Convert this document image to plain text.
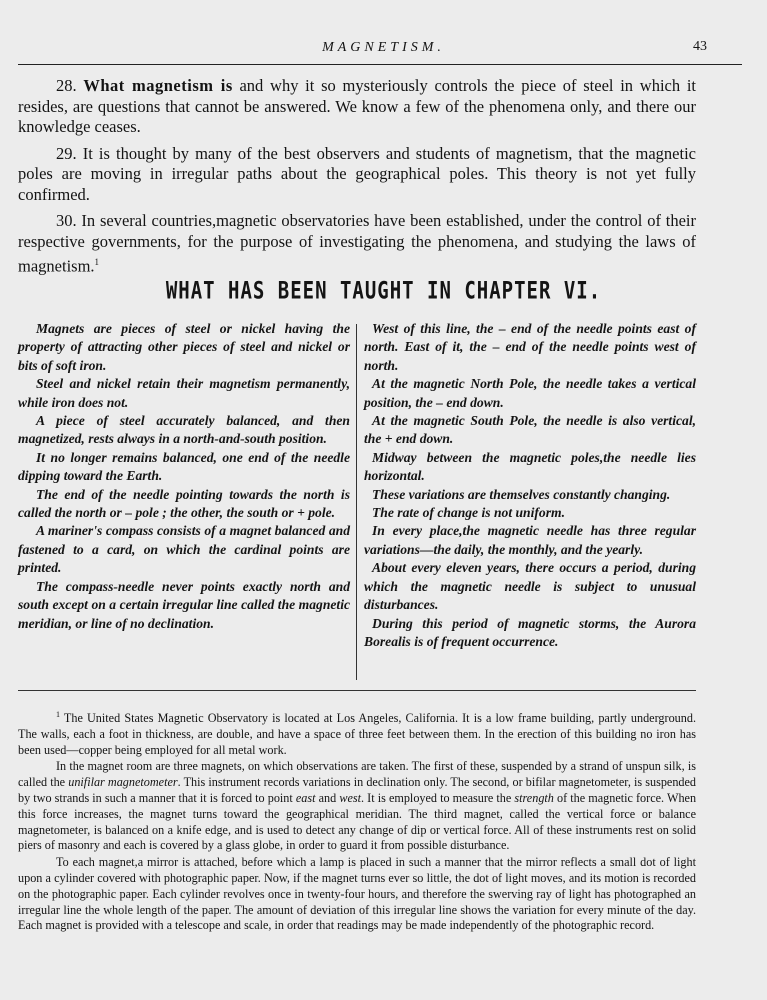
MAGNETISM.	43

28. What magnetism is and why it so mysteriously controls the piece of steel in which it resides, are questions that cannot be answered. We know a few of the phenomena only, and there our knowledge ceases.

29. It is thought by many of the best observers and students of magnetism, that the magnetic poles are moving in irregular paths about the geographical poles. This theory is not yet fully confirmed.

30. In several countries,magnetic observatories have been established, under the control of their respective governments, for the purpose of investigating the phenomena, and studying the laws of magnetism.$^1$

WHAT HAS BEEN TAUGHT IN CHAPTER VI.

Magnets are pieces of steel or nickel having the property of attracting other pieces of steel and nickel or bits of soft iron.

Steel and nickel retain their magnetism permanently, while iron does not.

A piece of steel accurately balanced, and then magnetized, rests always in a north-and-south position.

It no longer remains balanced, one end of the needle dipping toward the Earth.

The end of the needle pointing towards the north is called the north or – pole ; the other, the south or + pole.

A mariner's compass consists of a magnet balanced and fastened to a card, on which the cardinal points are printed.

The compass-needle never points exactly north and south except on a certain irregular line called the magnetic meridian, or line of no declination.

West of this line, the – end of the needle points east of north. East of it, the – end of the needle points west of north.

At the magnetic North Pole, the needle takes a vertical position, the – end down.

At the magnetic South Pole, the needle is also vertical, the + end down.

Midway between the magnetic poles,the needle lies horizontal.

These variations are themselves constantly changing.

The rate of change is not uniform.

In every place,the magnetic needle has three regular variations—the daily, the monthly, and the yearly.

About every eleven years, there occurs a period, during which the magnetic needle is subject to unusual disturbances.

During this period of magnetic storms, the Aurora Borealis is of frequent occurrence.

$^1$ The United States Magnetic Observatory is located at Los Angeles, California. It is a low frame building, partly underground. The walls, each a foot in thickness, are double, and have a space of three feet between them. In the erection of this building no iron has been used—copper being employed for all metal work.

In the magnet room are three magnets, on which observations are taken. The first of these, suspended by a strand of unspun silk, is called the unifilar magnetometer. This instrument records variations in declination only. The second, or bifilar magnetometer, is suspended by two strands in such a manner that it is forced to point east and west. It is employed to measure the strength of the magnetic force. When this force increases, the magnet turns toward the geographical meridian. The third magnet, called the vertical force or balance magnetometer, is balanced on a knife edge, and is used to detect any change of dip or vertical force. All of these instruments rest on solid piers of masonry and each is covered by a glass globe, in order to guard it from possible disturbance.

To each magnet,a mirror is attached, before which a lamp is placed in such a manner that the mirror reflects a small dot of light upon a cylinder covered with photographic paper. Now, if the magnet turns ever so little, the dot of light moves, and its motion is recorded on the photographic paper. Each cylinder revolves once in twenty-four hours, and therefore the swerving ray of light has photographed an irregular line the whole length of the paper. The amount of deviation of this irregular line shows the variation for every minute of the day. Each magnet is provided with a telescope and scale, in order that readings may be made independently of the photographic record.
